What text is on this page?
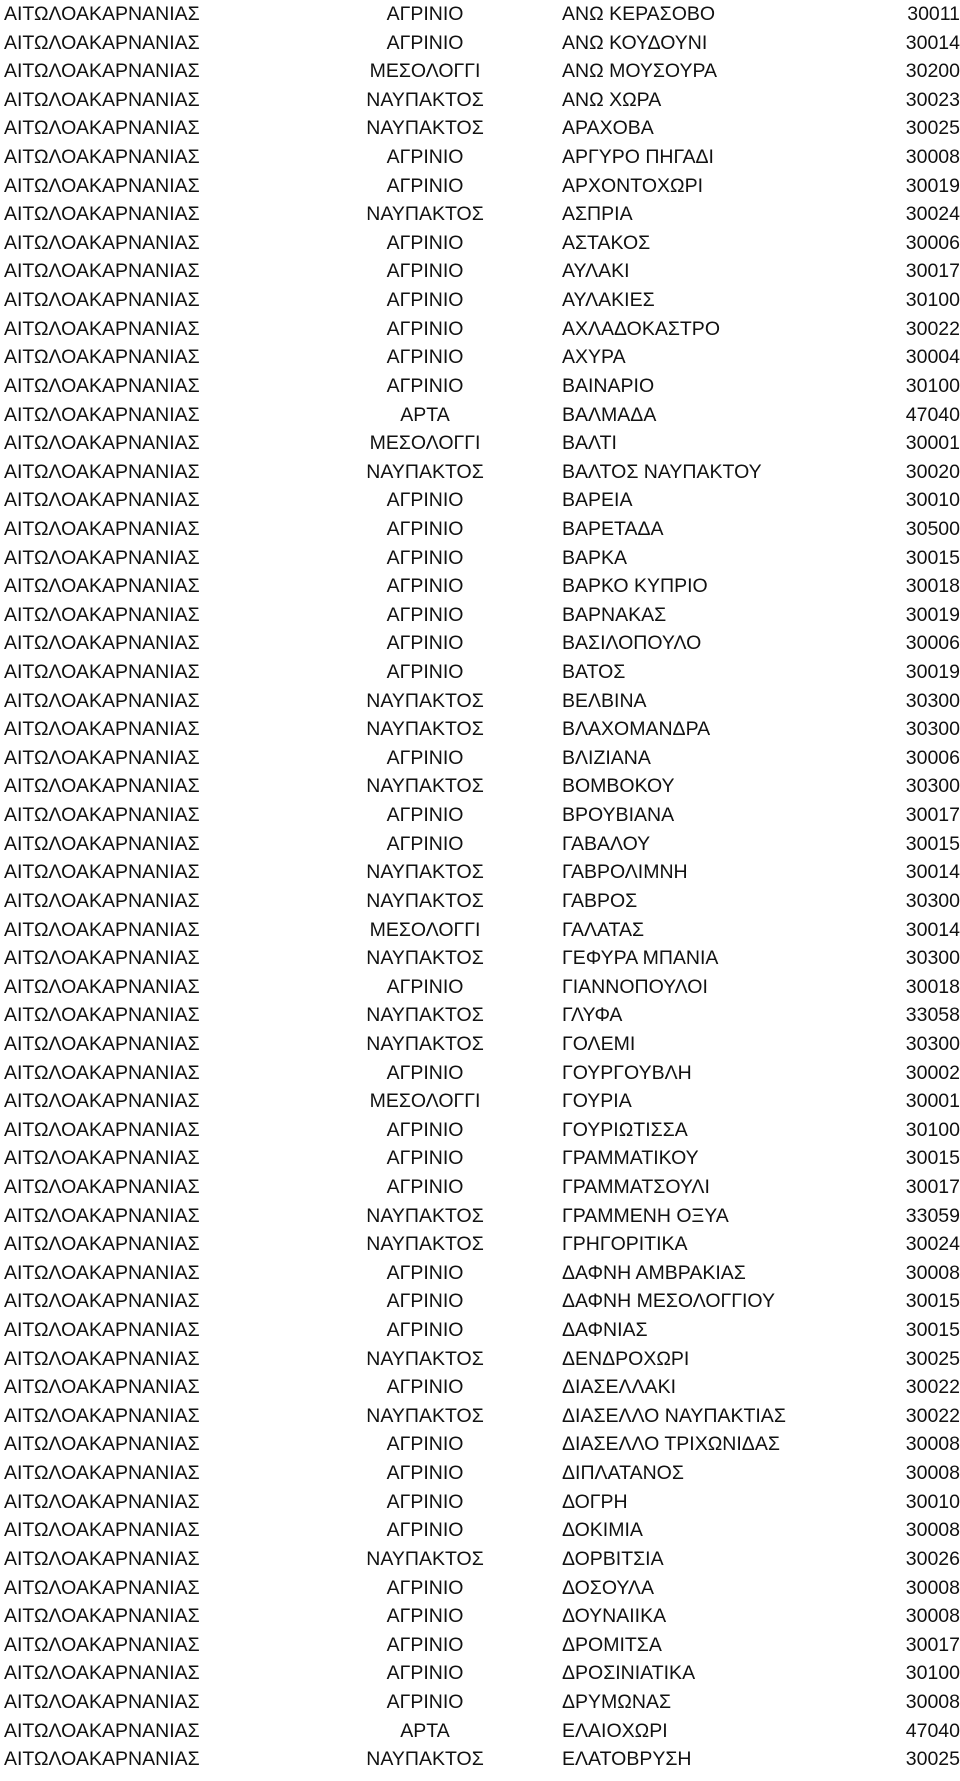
ΑΙΤΩΛΟΑΚΑΡΝΑΝΙΑΣ	ΑΓΡΙΝΙΟ	ΑΝΩ ΚΕΡΑΣΟΒΟ	30011
ΑΙΤΩΛΟΑΚΑΡΝΑΝΙΑΣ	ΑΓΡΙΝΙΟ	ΑΝΩ ΚΟΥΔΟΥΝΙ	30014
ΑΙΤΩΛΟΑΚΑΡΝΑΝΙΑΣ	ΜΕΣΟΛΟΓΓΙ	ΑΝΩ ΜΟΥΣΟΥΡΑ	30200
ΑΙΤΩΛΟΑΚΑΡΝΑΝΙΑΣ	ΝΑΥΠΑΚΤΟΣ	ΑΝΩ ΧΩΡΑ	30023
ΑΙΤΩΛΟΑΚΑΡΝΑΝΙΑΣ	ΝΑΥΠΑΚΤΟΣ	ΑΡΑΧΟΒΑ	30025
ΑΙΤΩΛΟΑΚΑΡΝΑΝΙΑΣ	ΑΓΡΙΝΙΟ	ΑΡΓΥΡΟ ΠΗΓΑΔΙ	30008
ΑΙΤΩΛΟΑΚΑΡΝΑΝΙΑΣ	ΑΓΡΙΝΙΟ	ΑΡΧΟΝΤΟΧΩΡΙ	30019
ΑΙΤΩΛΟΑΚΑΡΝΑΝΙΑΣ	ΝΑΥΠΑΚΤΟΣ	ΑΣΠΡΙΑ	30024
ΑΙΤΩΛΟΑΚΑΡΝΑΝΙΑΣ	ΑΓΡΙΝΙΟ	ΑΣΤΑΚΟΣ	30006
ΑΙΤΩΛΟΑΚΑΡΝΑΝΙΑΣ	ΑΓΡΙΝΙΟ	ΑΥΛΑΚΙ	30017
ΑΙΤΩΛΟΑΚΑΡΝΑΝΙΑΣ	ΑΓΡΙΝΙΟ	ΑΥΛΑΚΙΕΣ	30100
ΑΙΤΩΛΟΑΚΑΡΝΑΝΙΑΣ	ΑΓΡΙΝΙΟ	ΑΧΛΑΔΟΚΑΣΤΡΟ	30022
ΑΙΤΩΛΟΑΚΑΡΝΑΝΙΑΣ	ΑΓΡΙΝΙΟ	ΑΧΥΡΑ	30004
ΑΙΤΩΛΟΑΚΑΡΝΑΝΙΑΣ	ΑΓΡΙΝΙΟ	ΒΑΙΝΑΡΙΟ	30100
ΑΙΤΩΛΟΑΚΑΡΝΑΝΙΑΣ	ΑΡΤΑ	ΒΑΛΜΑΔΑ	47040
ΑΙΤΩΛΟΑΚΑΡΝΑΝΙΑΣ	ΜΕΣΟΛΟΓΓΙ	ΒΑΛΤΙ	30001
ΑΙΤΩΛΟΑΚΑΡΝΑΝΙΑΣ	ΝΑΥΠΑΚΤΟΣ	ΒΑΛΤΟΣ ΝΑΥΠΑΚΤΟΥ	30020
ΑΙΤΩΛΟΑΚΑΡΝΑΝΙΑΣ	ΑΓΡΙΝΙΟ	ΒΑΡΕΙΑ	30010
ΑΙΤΩΛΟΑΚΑΡΝΑΝΙΑΣ	ΑΓΡΙΝΙΟ	ΒΑΡΕΤΑΔΑ	30500
ΑΙΤΩΛΟΑΚΑΡΝΑΝΙΑΣ	ΑΓΡΙΝΙΟ	ΒΑΡΚΑ	30015
ΑΙΤΩΛΟΑΚΑΡΝΑΝΙΑΣ	ΑΓΡΙΝΙΟ	ΒΑΡΚΟ ΚΥΠΡΙΟ	30018
ΑΙΤΩΛΟΑΚΑΡΝΑΝΙΑΣ	ΑΓΡΙΝΙΟ	ΒΑΡΝΑΚΑΣ	30019
ΑΙΤΩΛΟΑΚΑΡΝΑΝΙΑΣ	ΑΓΡΙΝΙΟ	ΒΑΣΙΛΟΠΟΥΛΟ	30006
ΑΙΤΩΛΟΑΚΑΡΝΑΝΙΑΣ	ΑΓΡΙΝΙΟ	ΒΑΤΟΣ	30019
ΑΙΤΩΛΟΑΚΑΡΝΑΝΙΑΣ	ΝΑΥΠΑΚΤΟΣ	ΒΕΛΒΙΝΑ	30300
ΑΙΤΩΛΟΑΚΑΡΝΑΝΙΑΣ	ΝΑΥΠΑΚΤΟΣ	ΒΛΑΧΟΜΑΝΔΡΑ	30300
ΑΙΤΩΛΟΑΚΑΡΝΑΝΙΑΣ	ΑΓΡΙΝΙΟ	ΒΛΙΖΙΑΝΑ	30006
ΑΙΤΩΛΟΑΚΑΡΝΑΝΙΑΣ	ΝΑΥΠΑΚΤΟΣ	ΒΟΜΒΟΚΟΥ	30300
ΑΙΤΩΛΟΑΚΑΡΝΑΝΙΑΣ	ΑΓΡΙΝΙΟ	ΒΡΟΥΒΙΑΝΑ	30017
ΑΙΤΩΛΟΑΚΑΡΝΑΝΙΑΣ	ΑΓΡΙΝΙΟ	ΓΑΒΑΛΟΥ	30015
ΑΙΤΩΛΟΑΚΑΡΝΑΝΙΑΣ	ΝΑΥΠΑΚΤΟΣ	ΓΑΒΡΟΛΙΜΝΗ	30014
ΑΙΤΩΛΟΑΚΑΡΝΑΝΙΑΣ	ΝΑΥΠΑΚΤΟΣ	ΓΑΒΡΟΣ	30300
ΑΙΤΩΛΟΑΚΑΡΝΑΝΙΑΣ	ΜΕΣΟΛΟΓΓΙ	ΓΑΛΑΤΑΣ	30014
ΑΙΤΩΛΟΑΚΑΡΝΑΝΙΑΣ	ΝΑΥΠΑΚΤΟΣ	ΓΕΦΥΡΑ ΜΠΑΝΙΑ	30300
ΑΙΤΩΛΟΑΚΑΡΝΑΝΙΑΣ	ΑΓΡΙΝΙΟ	ΓΙΑΝΝΟΠΟΥΛΟΙ	30018
ΑΙΤΩΛΟΑΚΑΡΝΑΝΙΑΣ	ΝΑΥΠΑΚΤΟΣ	ΓΛΥΦΑ	33058
ΑΙΤΩΛΟΑΚΑΡΝΑΝΙΑΣ	ΝΑΥΠΑΚΤΟΣ	ΓΟΛΕΜΙ	30300
ΑΙΤΩΛΟΑΚΑΡΝΑΝΙΑΣ	ΑΓΡΙΝΙΟ	ΓΟΥΡΓΟΥΒΛΗ	30002
ΑΙΤΩΛΟΑΚΑΡΝΑΝΙΑΣ	ΜΕΣΟΛΟΓΓΙ	ΓΟΥΡΙΑ	30001
ΑΙΤΩΛΟΑΚΑΡΝΑΝΙΑΣ	ΑΓΡΙΝΙΟ	ΓΟΥΡΙΩΤΙΣΣΑ	30100
ΑΙΤΩΛΟΑΚΑΡΝΑΝΙΑΣ	ΑΓΡΙΝΙΟ	ΓΡΑΜΜΑΤΙΚΟΥ	30015
ΑΙΤΩΛΟΑΚΑΡΝΑΝΙΑΣ	ΑΓΡΙΝΙΟ	ΓΡΑΜΜΑΤΣΟΥΛΙ	30017
ΑΙΤΩΛΟΑΚΑΡΝΑΝΙΑΣ	ΝΑΥΠΑΚΤΟΣ	ΓΡΑΜΜΕΝΗ ΟΞΥΑ	33059
ΑΙΤΩΛΟΑΚΑΡΝΑΝΙΑΣ	ΝΑΥΠΑΚΤΟΣ	ΓΡΗΓΟΡΙΤΙΚΑ	30024
ΑΙΤΩΛΟΑΚΑΡΝΑΝΙΑΣ	ΑΓΡΙΝΙΟ	ΔΑΦΝΗ ΑΜΒΡΑΚΙΑΣ	30008
ΑΙΤΩΛΟΑΚΑΡΝΑΝΙΑΣ	ΑΓΡΙΝΙΟ	ΔΑΦΝΗ ΜΕΣΟΛΟΓΓΙΟΥ	30015
ΑΙΤΩΛΟΑΚΑΡΝΑΝΙΑΣ	ΑΓΡΙΝΙΟ	ΔΑΦΝΙΑΣ	30015
ΑΙΤΩΛΟΑΚΑΡΝΑΝΙΑΣ	ΝΑΥΠΑΚΤΟΣ	ΔΕΝΔΡΟΧΩΡΙ	30025
ΑΙΤΩΛΟΑΚΑΡΝΑΝΙΑΣ	ΑΓΡΙΝΙΟ	ΔΙΑΣΕΛΛΑΚΙ	30022
ΑΙΤΩΛΟΑΚΑΡΝΑΝΙΑΣ	ΝΑΥΠΑΚΤΟΣ	ΔΙΑΣΕΛΛΟ ΝΑΥΠΑΚΤΙΑΣ	30022
ΑΙΤΩΛΟΑΚΑΡΝΑΝΙΑΣ	ΑΓΡΙΝΙΟ	ΔΙΑΣΕΛΛΟ ΤΡΙΧΩΝΙΔΑΣ	30008
ΑΙΤΩΛΟΑΚΑΡΝΑΝΙΑΣ	ΑΓΡΙΝΙΟ	ΔΙΠΛΑΤΑΝΟΣ	30008
ΑΙΤΩΛΟΑΚΑΡΝΑΝΙΑΣ	ΑΓΡΙΝΙΟ	ΔΟΓΡΗ	30010
ΑΙΤΩΛΟΑΚΑΡΝΑΝΙΑΣ	ΑΓΡΙΝΙΟ	ΔΟΚΙΜΙΑ	30008
ΑΙΤΩΛΟΑΚΑΡΝΑΝΙΑΣ	ΝΑΥΠΑΚΤΟΣ	ΔΟΡΒΙΤΣΙΑ	30026
ΑΙΤΩΛΟΑΚΑΡΝΑΝΙΑΣ	ΑΓΡΙΝΙΟ	ΔΟΣΟΥΛΑ	30008
ΑΙΤΩΛΟΑΚΑΡΝΑΝΙΑΣ	ΑΓΡΙΝΙΟ	ΔΟΥΝΑΙΙΚΑ	30008
ΑΙΤΩΛΟΑΚΑΡΝΑΝΙΑΣ	ΑΓΡΙΝΙΟ	ΔΡΟΜΙΤΣΑ	30017
ΑΙΤΩΛΟΑΚΑΡΝΑΝΙΑΣ	ΑΓΡΙΝΙΟ	ΔΡΟΣΙΝΙΑΤΙΚΑ	30100
ΑΙΤΩΛΟΑΚΑΡΝΑΝΙΑΣ	ΑΓΡΙΝΙΟ	ΔΡΥΜΩΝΑΣ	30008
ΑΙΤΩΛΟΑΚΑΡΝΑΝΙΑΣ	ΑΡΤΑ	ΕΛΑΙΟΧΩΡΙ	47040
ΑΙΤΩΛΟΑΚΑΡΝΑΝΙΑΣ	ΝΑΥΠΑΚΤΟΣ	ΕΛΑΤΟΒΡΥΣΗ	30025
